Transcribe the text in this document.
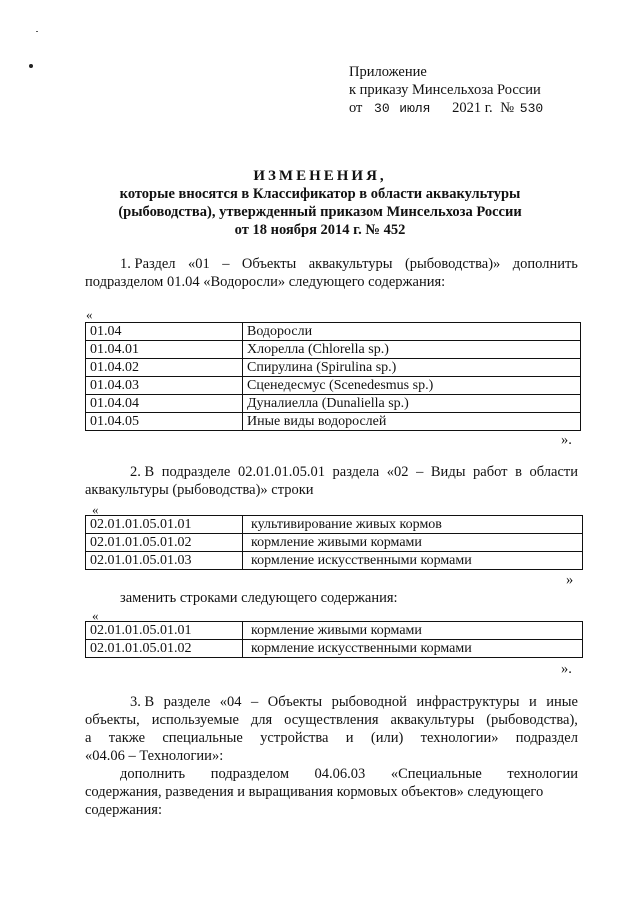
Приложение
к приказу Минсельхоза России
от 30 июля 2021 г. № 530
ИЗМЕНЕНИЯ,
которые вносятся в Классификатор в области аквакультуры
(рыбоводства), утвержденный приказом Минсельхоза России
от 18 ноября 2014 г. № 452
1. Раздел «01 – Объекты аквакультуры (рыбоводства)» дополнить
подразделом 01.04 «Водоросли» следующего содержания:
«
01.04	Водоросли
01.04.01	Хлорелла (Chlorella sp.)
01.04.02	Спирулина (Spirulina sp.)
01.04.03	Сценедесмус (Scenedesmus sp.)
01.04.04	Дуналиелла (Dunaliella sp.)
01.04.05	Иные виды водорослей
».
2. В подразделе 02.01.01.05.01 раздела «02 – Виды работ в области
аквакультуры (рыбоводства)» строки
«
02.01.01.05.01.01	культивирование живых кормов
02.01.01.05.01.02	кормление живыми кормами
02.01.01.05.01.03	кормление искусственными кормами
»
заменить строками следующего содержания:
«
02.01.01.05.01.01	кормление живыми кормами
02.01.01.05.01.02	кормление искусственными кормами
».
3. В разделе «04 – Объекты рыбоводной инфраструктуры и иные
объекты, используемые для осуществления аквакультуры (рыбоводства),
а также специальные устройства и (или) технологии» подраздел
«04.06 – Технологии»:
дополнить подразделом 04.06.03 «Специальные технологии
содержания, разведения и выращивания кормовых объектов» следующего
содержания:
